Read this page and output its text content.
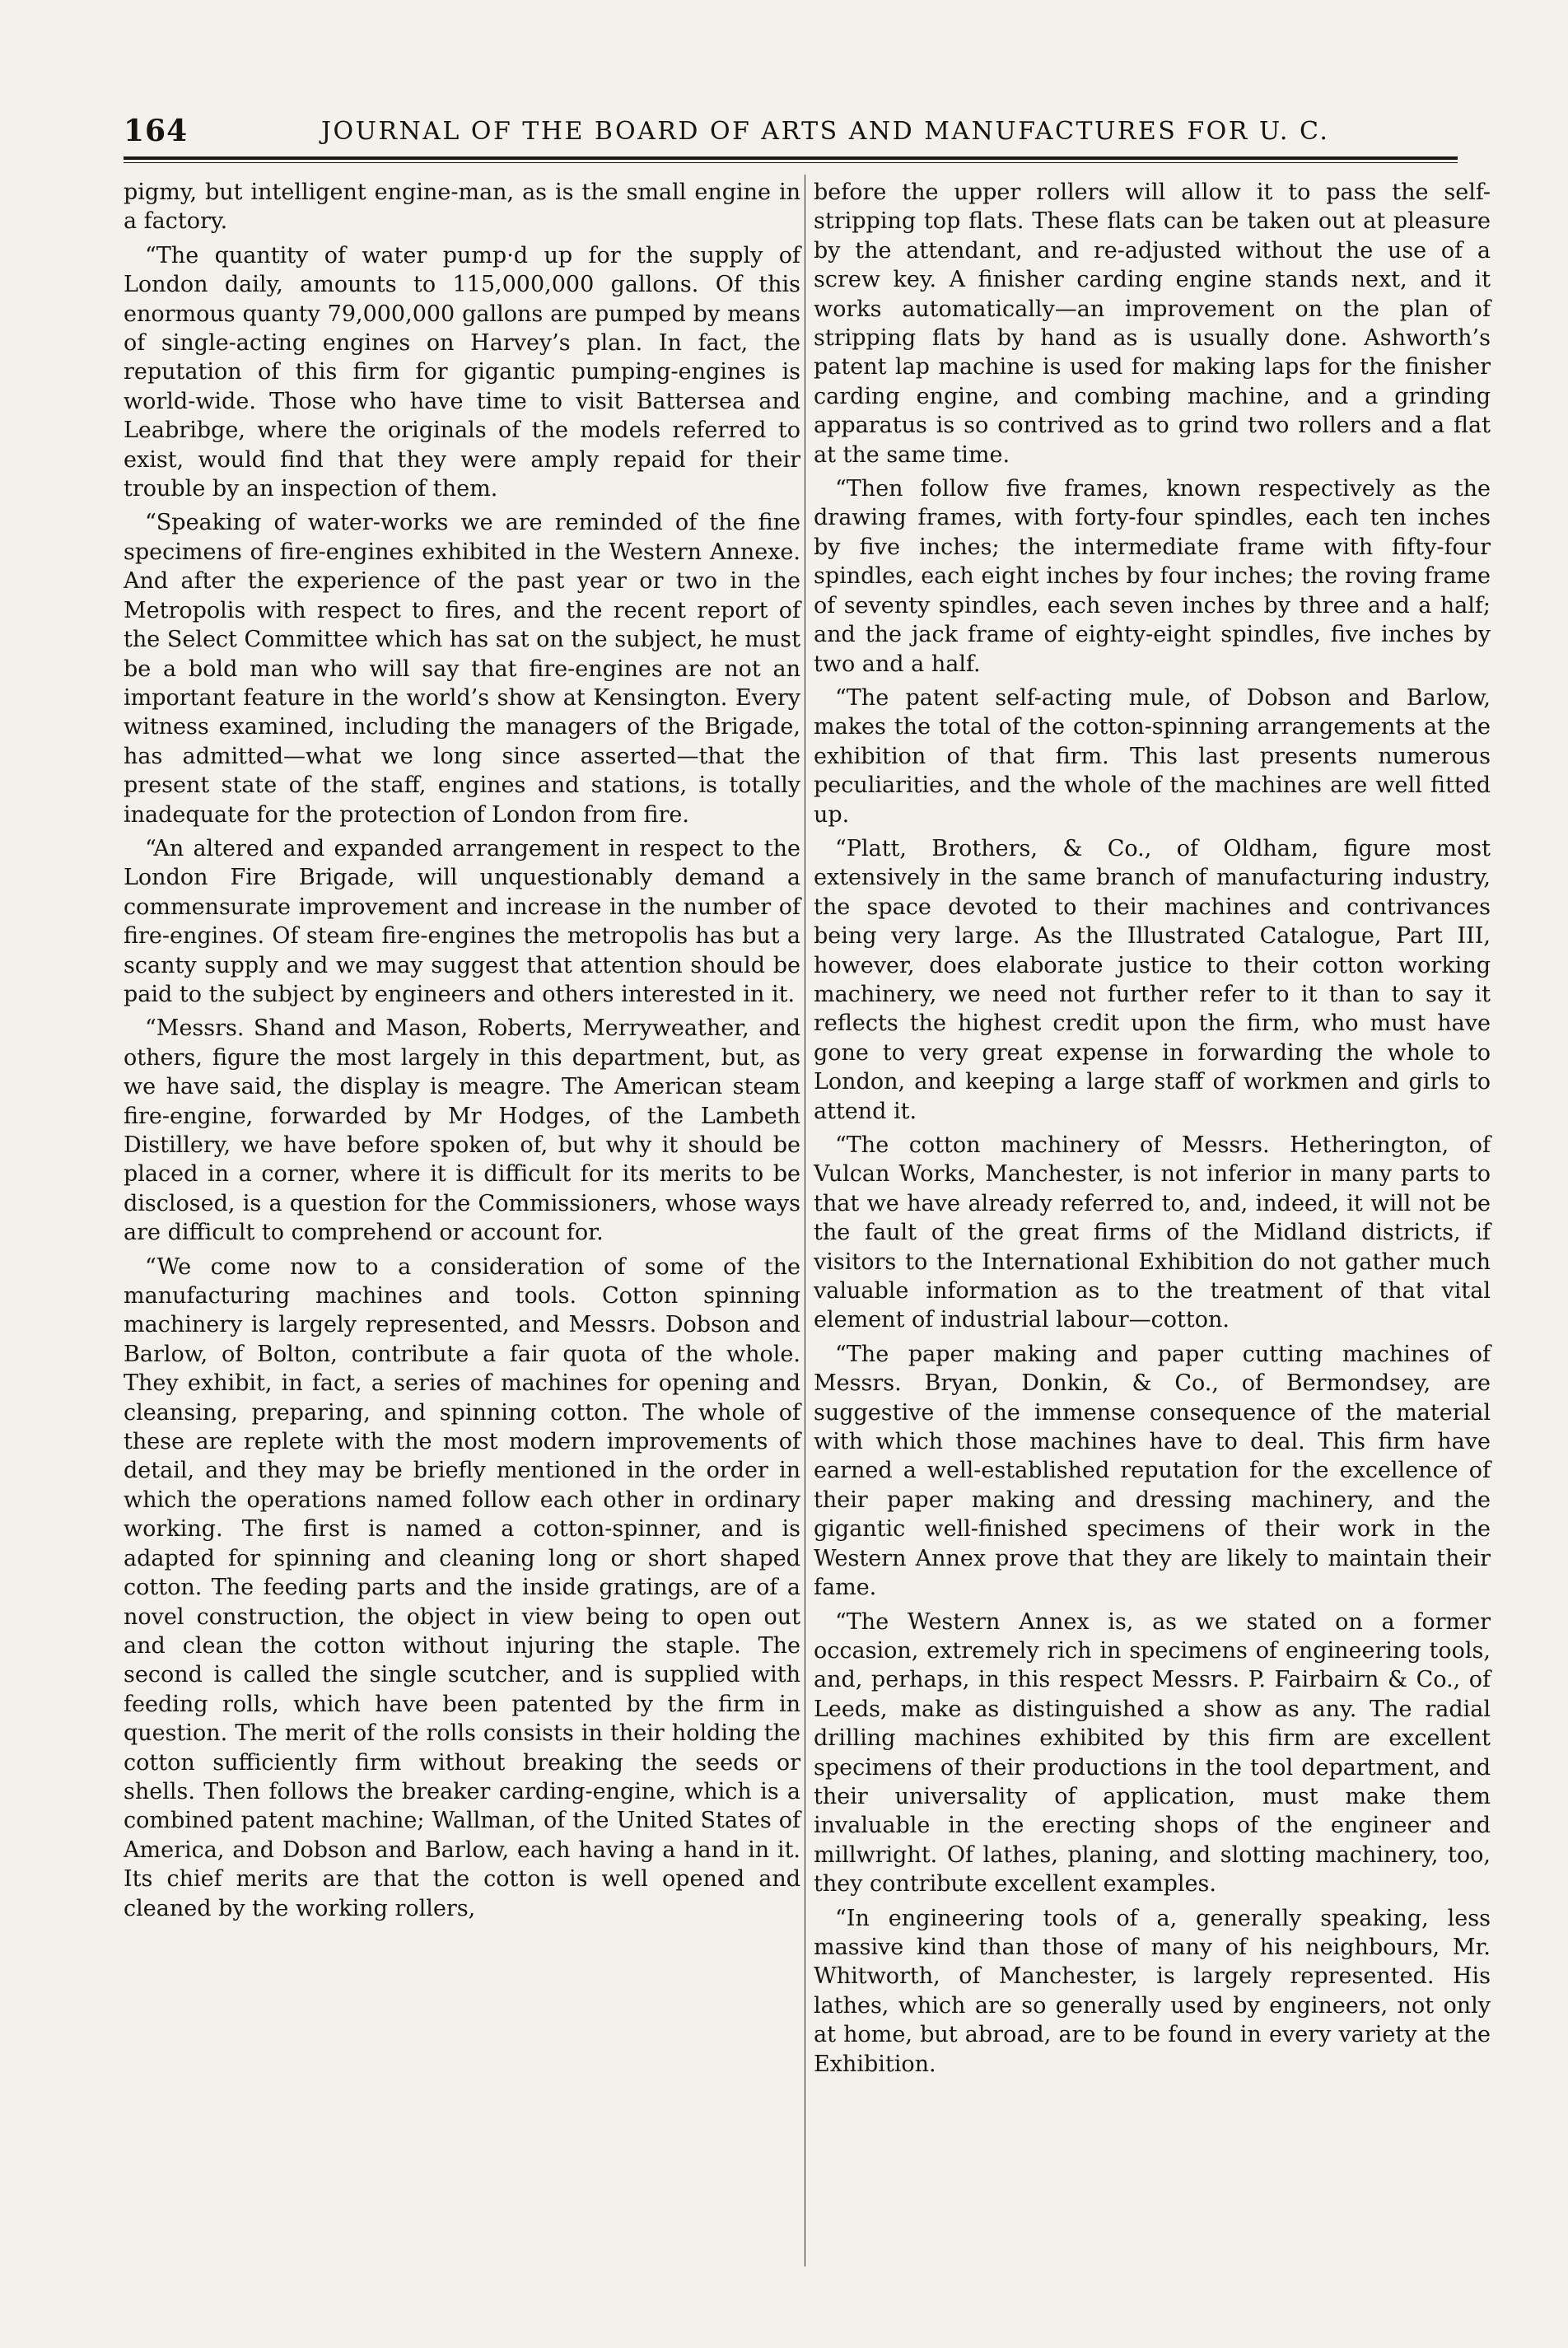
164	JOURNAL OF THE BOARD OF ARTS AND MANUFACTURES FOR U. C.

pigmy, but intelligent engine-man, as is the small engine in a factory.

“The quantity of water pump·d up for the supply of London daily, amounts to 115,000,000 gallons. Of this enormous quanty 79,000,000 gallons are pumped by means of single-acting engines on Harvey’s plan. In fact, the reputation of this firm for gigantic pumping-engines is world-wide. Those who have time to visit Battersea and Leabribge, where the originals of the models referred to exist, would find that they were amply repaid for their trouble by an inspection of them.

“Speaking of water-works we are reminded of the fine specimens of fire-engines exhibited in the Western Annexe. And after the experience of the past year or two in the Metropolis with respect to fires, and the recent report of the Select Committee which has sat on the subject, he must be a bold man who will say that fire-engines are not an important feature in the world’s show at Kensington. Every witness examined, including the managers of the Brigade, has admitted—what we long since asserted—that the present state of the staff, engines and stations, is totally inadequate for the protection of London from fire.

“An altered and expanded arrangement in respect to the London Fire Brigade, will unquestionably demand a commensurate improvement and increase in the number of fire-engines. Of steam fire-engines the metropolis has but a scanty supply and we may suggest that attention should be paid to the subject by engineers and others interested in it.

“Messrs. Shand and Mason, Roberts, Merryweather, and others, figure the most largely in this department, but, as we have said, the display is meagre. The American steam fire-engine, forwarded by Mr Hodges, of the Lambeth Distillery, we have before spoken of, but why it should be placed in a corner, where it is difficult for its merits to be disclosed, is a question for the Commissioners, whose ways are difficult to comprehend or account for.

“We come now to a consideration of some of the manufacturing machines and tools. Cotton spinning machinery is largely represented, and Messrs. Dobson and Barlow, of Bolton, contribute a fair quota of the whole. They exhibit, in fact, a series of machines for opening and cleansing, preparing, and spinning cotton. The whole of these are replete with the most modern improvements of detail, and they may be briefly mentioned in the order in which the operations named follow each other in ordinary working. The first is named a cotton-spinner, and is adapted for spinning and cleaning long or short shaped cotton. The feeding parts and the inside gratings, are of a novel construction, the object in view being to open out and clean the cotton without injuring the staple. The second is called the single scutcher, and is supplied with feeding rolls, which have been patented by the firm in question. The merit of the rolls consists in their holding the cotton sufficiently firm without breaking the seeds or shells. Then follows the breaker carding-engine, which is a combined patent machine; Wallman, of the United States of America, and Dobson and Barlow, each having a hand in it. Its chief merits are that the cotton is well opened and cleaned by the working rollers,

before the upper rollers will allow it to pass the self-stripping top flats. These flats can be taken out at pleasure by the attendant, and re-adjusted without the use of a screw key. A finisher carding engine stands next, and it works automatically—an improvement on the plan of stripping flats by hand as is usually done. Ashworth’s patent lap machine is used for making laps for the finisher carding engine, and combing machine, and a grinding apparatus is so contrived as to grind two rollers and a flat at the same time.

“Then follow five frames, known respectively as the drawing frames, with forty-four spindles, each ten inches by five inches; the intermediate frame with fifty-four spindles, each eight inches by four inches; the roving frame of seventy spindles, each seven inches by three and a half; and the jack frame of eighty-eight spindles, five inches by two and a half.

“The patent self-acting mule, of Dobson and Barlow, makes the total of the cotton-spinning arrangements at the exhibition of that firm. This last presents numerous peculiarities, and the whole of the machines are well fitted up.

“Platt, Brothers, & Co., of Oldham, figure most extensively in the same branch of manufacturing industry, the space devoted to their machines and contrivances being very large. As the Illustrated Catalogue, Part III, however, does elaborate justice to their cotton working machinery, we need not further refer to it than to say it reflects the highest credit upon the firm, who must have gone to very great expense in forwarding the whole to London, and keeping a large staff of workmen and girls to attend it.

“The cotton machinery of Messrs. Hetherington, of Vulcan Works, Manchester, is not inferior in many parts to that we have already referred to, and, indeed, it will not be the fault of the great firms of the Midland districts, if visitors to the International Exhibition do not gather much valuable information as to the treatment of that vital element of industrial labour—cotton.

“The paper making and paper cutting machines of Messrs. Bryan, Donkin, & Co., of Bermondsey, are suggestive of the immense consequence of the material with which those machines have to deal. This firm have earned a well-established reputation for the excellence of their paper making and dressing machinery, and the gigantic well-finished specimens of their work in the Western Annex prove that they are likely to maintain their fame.

“The Western Annex is, as we stated on a former occasion, extremely rich in specimens of engineering tools, and, perhaps, in this respect Messrs. P. Fairbairn & Co., of Leeds, make as distinguished a show as any. The radial drilling machines exhibited by this firm are excellent specimens of their productions in the tool department, and their universality of application, must make them invaluable in the erecting shops of the engineer and millwright. Of lathes, planing, and slotting machinery, too, they contribute excellent examples.

“In engineering tools of a, generally speaking, less massive kind than those of many of his neighbours, Mr. Whitworth, of Manchester, is largely represented. His lathes, which are so generally used by engineers, not only at home, but abroad, are to be found in every variety at the Exhibition.
